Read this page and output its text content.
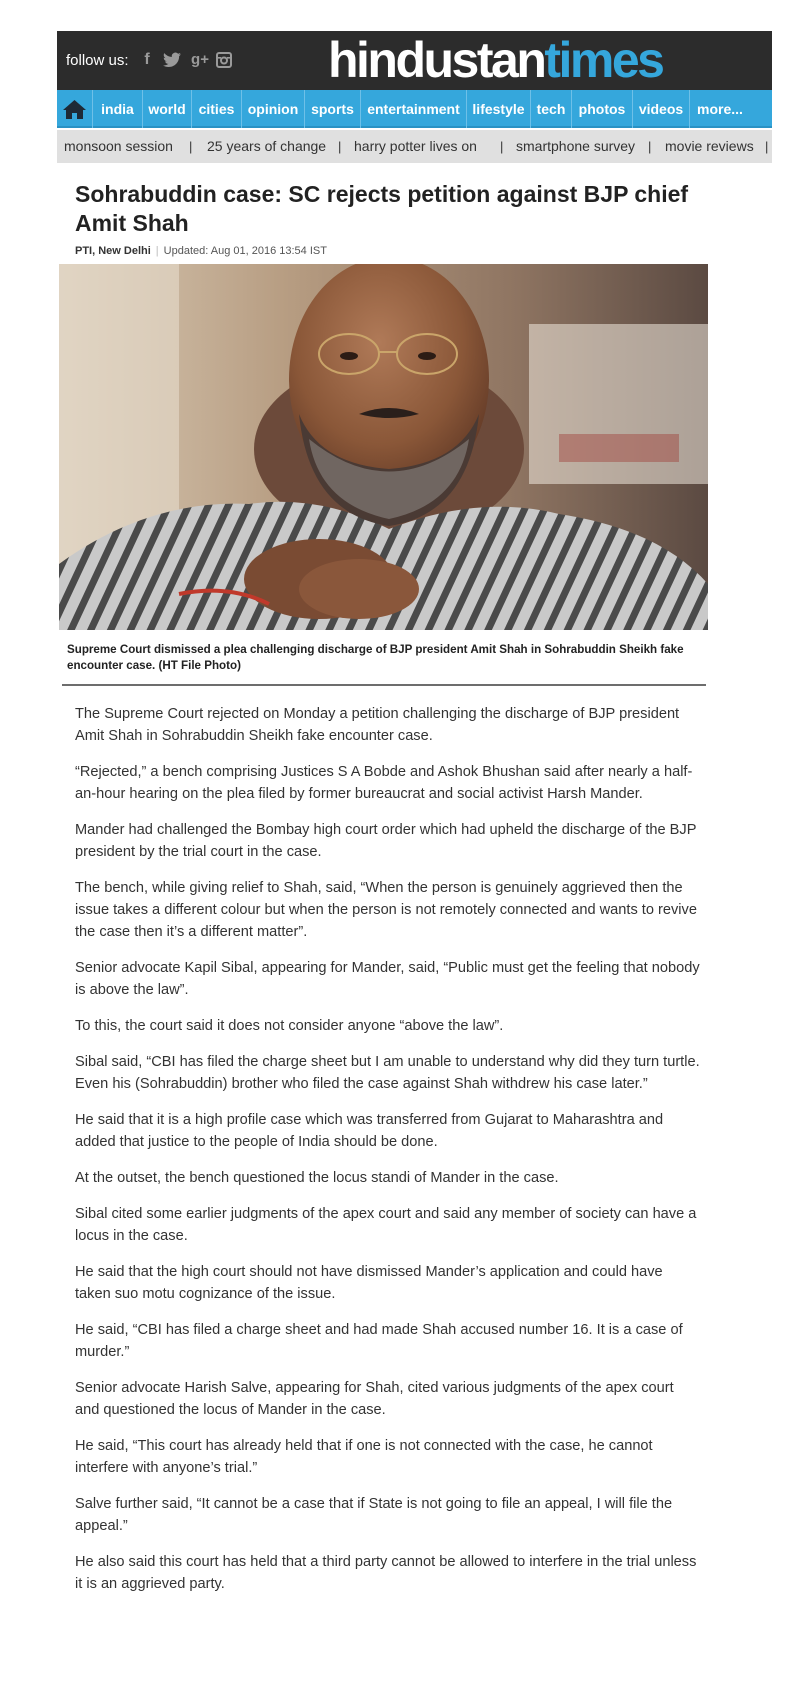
follow us: f	g+ hindustantimes
india	world cities opinion sports entertainment lifestyle tech photos videos more...
monsoon session | 25 years of change | harry potter lives on | smartphone survey | movie reviews |
Sohrabuddin case: SC rejects petition against BJP chief Amit Shah
PTI, New Delhi | Updated: Aug 01, 2016 13:54 IST
Supreme Court dismissed a plea challenging discharge of BJP president Amit Shah in Sohrabuddin Sheikh fake encounter case. (HT File Photo)

The Supreme Court rejected on Monday a petition challenging the discharge of BJP president Amit Shah in Sohrabuddin Sheikh fake encounter case.

“Rejected,” a bench comprising Justices S A Bobde and Ashok Bhushan said after nearly a half-an-hour hearing on the plea filed by former bureaucrat and social activist Harsh Mander.

Mander had challenged the Bombay high court order which had upheld the discharge of the BJP president by the trial court in the case.

The bench, while giving relief to Shah, said, “When the person is genuinely aggrieved then the issue takes a different colour but when the person is not remotely connected and wants to revive the case then it’s a different matter”.

Senior advocate Kapil Sibal, appearing for Mander, said, “Public must get the feeling that nobody is above the law”.

To this, the court said it does not consider anyone “above the law”.

Sibal said, “CBI has filed the charge sheet but I am unable to understand why did they turn turtle. Even his (Sohrabuddin) brother who filed the case against Shah withdrew his case later.”

He said that it is a high profile case which was transferred from Gujarat to Maharashtra and added that justice to the people of India should be done.

At the outset, the bench questioned the locus standi of Mander in the case.

Sibal cited some earlier judgments of the apex court and said any member of society can have a locus in the case.

He said that the high court should not have dismissed Mander’s application and could have taken suo motu cognizance of the issue.

He said, “CBI has filed a charge sheet and had made Shah accused number 16. It is a case of murder.”

Senior advocate Harish Salve, appearing for Shah, cited various judgments of the apex court and questioned the locus of Mander in the case.

He said, “This court has already held that if one is not connected with the case, he cannot interfere with anyone’s trial.”

Salve further said, “It cannot be a case that if State is not going to file an appeal, I will file the appeal.”

He also said this court has held that a third party cannot be allowed to interfere in the trial unless it is an aggrieved party.
